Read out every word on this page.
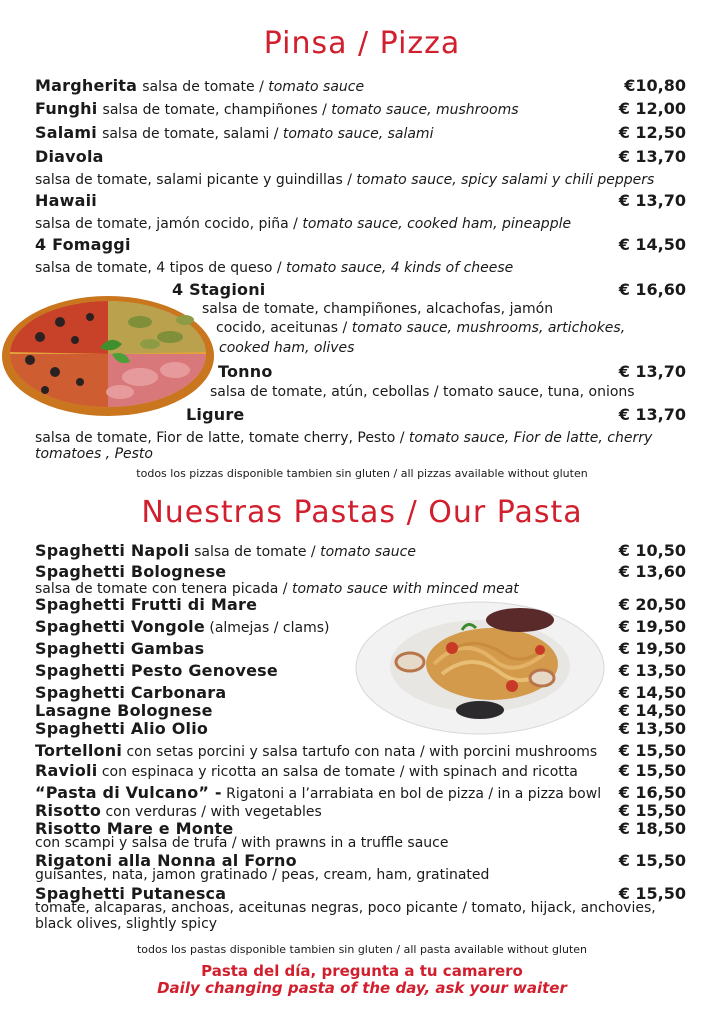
Pinsa / Pizza
Margherita salsa de tomate / tomato sauce	€10,80
Funghi salsa de tomate, champiñones / tomato sauce, mushrooms	€ 12,00
Salami salsa de tomate, salami / tomato sauce, salami	€ 12,50
Diavola	€ 13,70
salsa de tomate, salami picante y guindillas / tomato sauce, spicy salami y chili peppers
Hawaii	€ 13,70
salsa de tomate, jamón cocido, piña / tomato sauce, cooked ham, pineapple
4 Fomaggi	€ 14,50
salsa de tomate, 4 tipos de queso / tomato sauce, 4 kinds of cheese
4 Stagioni	€ 16,60
salsa de tomate, champiñones, alcachofas, jamón
cocido, aceitunas / tomato sauce, mushrooms, artichokes,
cooked ham, olives
Tonno	€ 13,70
salsa de tomate, atún, cebollas / tomato sauce, tuna, onions
Ligure	€ 13,70
salsa de tomate, Fior de latte, tomate cherry, Pesto / tomato sauce, Fior de latte, cherry
tomatoes , Pesto
todos los pizzas disponible tambien sin gluten / all pizzas available without gluten
Nuestras Pastas / Our Pasta
Spaghetti Napoli salsa de tomate / tomato sauce	€ 10,50
Spaghetti Bolognese	€ 13,60
salsa de tomate con tenera picada / tomato sauce with minced meat
Spaghetti Frutti di Mare	€ 20,50
Spaghetti Vongole (almejas / clams)	€ 19,50
Spaghetti Gambas	€ 19,50
Spaghetti Pesto Genovese	€ 13,50
Spaghetti Carbonara	€ 14,50
Lasagne Bolognese	€ 14,50
Spaghetti Alio Olio	€ 13,50
Tortelloni con setas porcini y salsa tartufo con nata / with porcini mushrooms € 15,50
Ravioli con espinaca y ricotta an salsa de tomate / with spinach and ricotta	€ 15,50
“Pasta di Vulcano” - Rigatoni a l’arrabiata en bol de pizza / in a pizza bowl € 16,50
Risotto con verduras / with vegetables	€ 15,50
Risotto Mare e Monte	€ 18,50
con scampi y salsa de trufa / with prawns in a truffle sauce
Rigatoni alla Nonna al Forno	€ 15,50
guisantes, nata, jamon gratinado / peas, cream, ham, gratinated
Spaghetti Putanesca	€ 15,50
tomate, alcaparas, anchoas, aceitunas negras, poco picante / tomato, hijack, anchovies,
black olives, slightly spicy
todos los pastas disponible tambien sin gluten / all pasta available without gluten
Pasta del día, pregunta a tu camarero
Daily changing pasta of the day, ask your waiter
